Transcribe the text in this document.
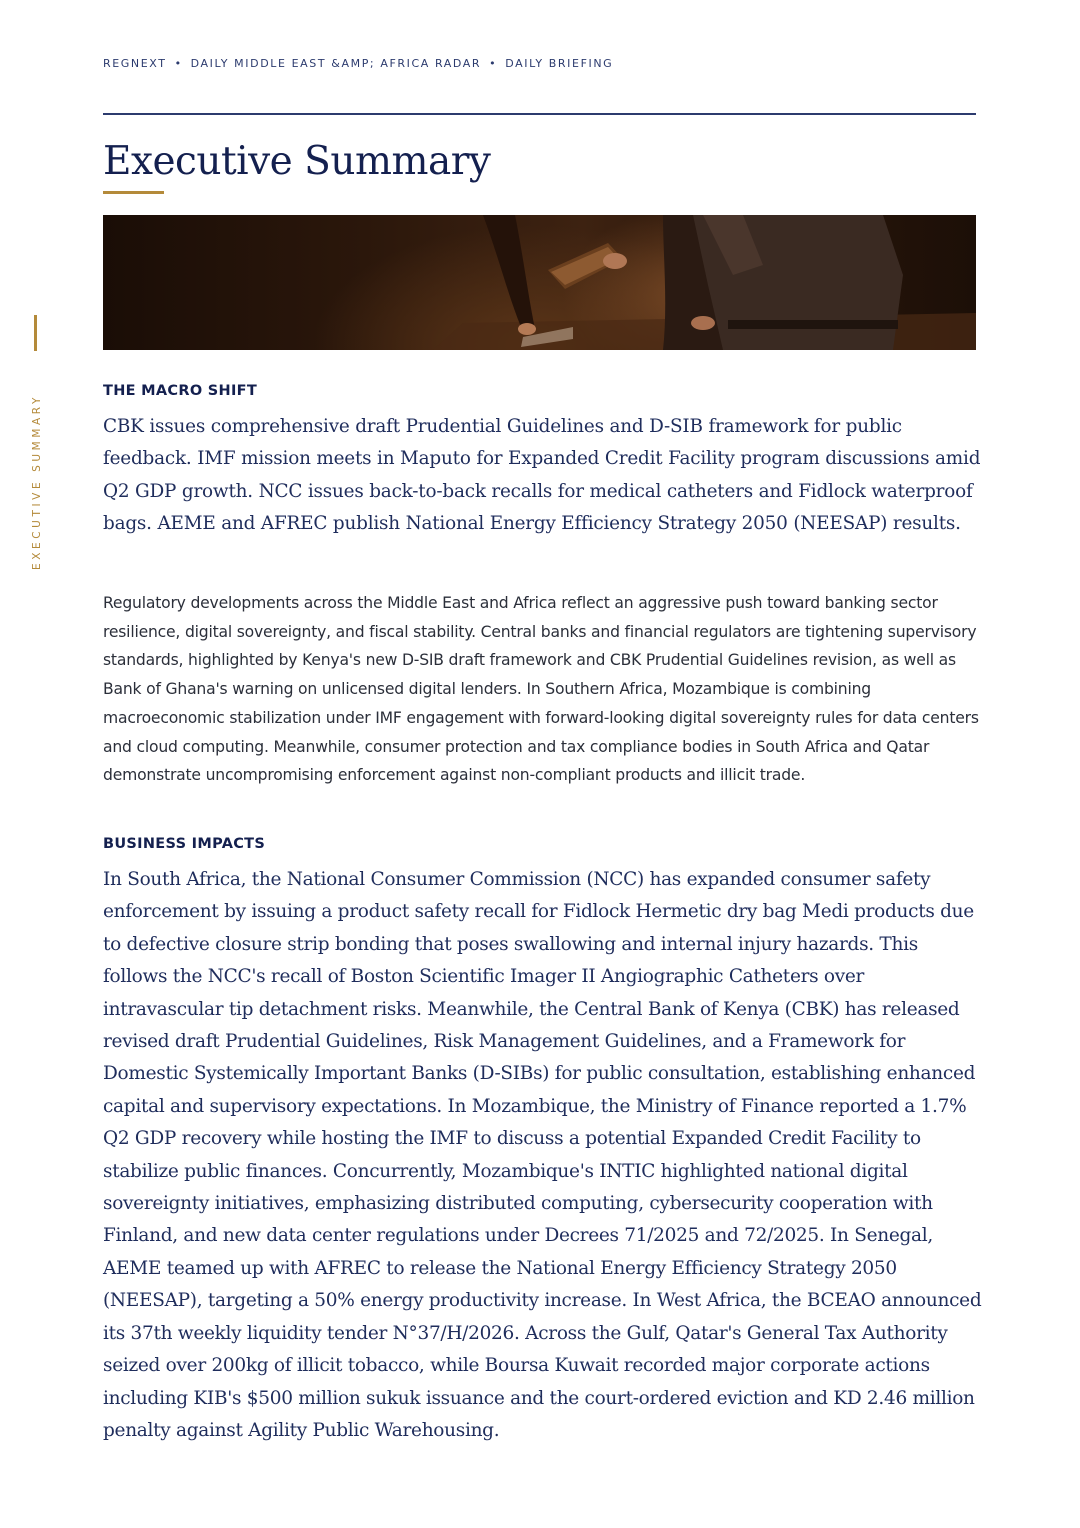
REGNEXT • DAILY MIDDLE EAST &AMP; AFRICA RADAR • DAILY BRIEFING
Executive Summary
EXECUTIVE SUMMARY
THE MACRO SHIFT

CBK issues comprehensive draft Prudential Guidelines and D-SIB framework for public feedback. IMF mission meets in Maputo for Expanded Credit Facility program discussions amid Q2 GDP growth. NCC issues back-to-back recalls for medical catheters and Fidlock waterproof bags. AEME and AFREC publish National Energy Efficiency Strategy 2050 (NEESAP) results.

Regulatory developments across the Middle East and Africa reflect an aggressive push toward banking sector resilience, digital sovereignty, and fiscal stability. Central banks and financial regulators are tightening supervisory standards, highlighted by Kenya's new D-SIB draft framework and CBK Prudential Guidelines revision, as well as Bank of Ghana's warning on unlicensed digital lenders. In Southern Africa, Mozambique is combining macroeconomic stabilization under IMF engagement with forward-looking digital sovereignty rules for data centers and cloud computing. Meanwhile, consumer protection and tax compliance bodies in South Africa and Qatar demonstrate uncompromising enforcement against non-compliant products and illicit trade.

BUSINESS IMPACTS

In South Africa, the National Consumer Commission (NCC) has expanded consumer safety enforcement by issuing a product safety recall for Fidlock Hermetic dry bag Medi products due to defective closure strip bonding that poses swallowing and internal injury hazards. This follows the NCC's recall of Boston Scientific Imager II Angiographic Catheters over intravascular tip detachment risks. Meanwhile, the Central Bank of Kenya (CBK) has released revised draft Prudential Guidelines, Risk Management Guidelines, and a Framework for Domestic Systemically Important Banks (D-SIBs) for public consultation, establishing enhanced capital and supervisory expectations. In Mozambique, the Ministry of Finance reported a 1.7% Q2 GDP recovery while hosting the IMF to discuss a potential Expanded Credit Facility to stabilize public finances. Concurrently, Mozambique's INTIC highlighted national digital sovereignty initiatives, emphasizing distributed computing, cybersecurity cooperation with Finland, and new data center regulations under Decrees 71/2025 and 72/2025. In Senegal, AEME teamed up with AFREC to release the National Energy Efficiency Strategy 2050 (NEESAP), targeting a 50% energy productivity increase. In West Africa, the BCEAO announced its 37th weekly liquidity tender N°37/H/2026. Across the Gulf, Qatar's General Tax Authority seized over 200kg of illicit tobacco, while Boursa Kuwait recorded major corporate actions including KIB's $500 million sukuk issuance and the court-ordered eviction and KD 2.46 million penalty against Agility Public Warehousing.
